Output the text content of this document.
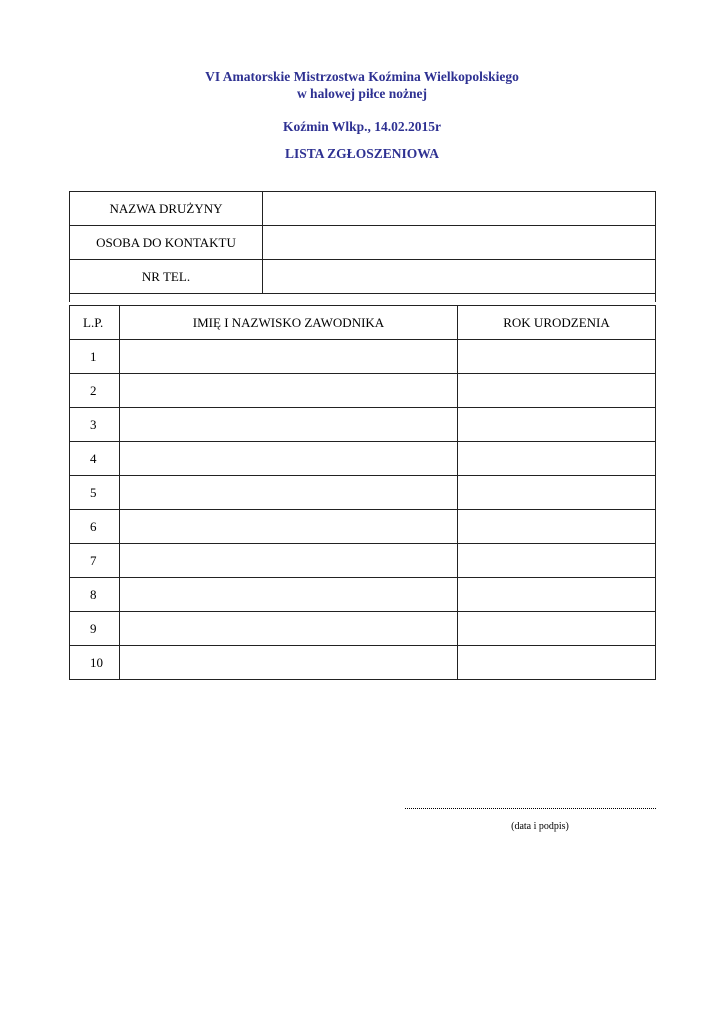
VI Amatorskie Mistrzostwa Koźmina Wielkopolskiego
w halowej piłce nożnej
Koźmin Wlkp., 14.02.2015r
LISTA ZGŁOSZENIOWA
NAZWA DRUŻYNY	
OSOBA DO KONTAKTU	
NR TEL.	

L.P.	IMIĘ I NAZWISKO ZAWODNIKA	ROK URODZENIA
1		
2		
3		
4		
5		
6		
7		
8		
9		
10		
(data i podpis)
